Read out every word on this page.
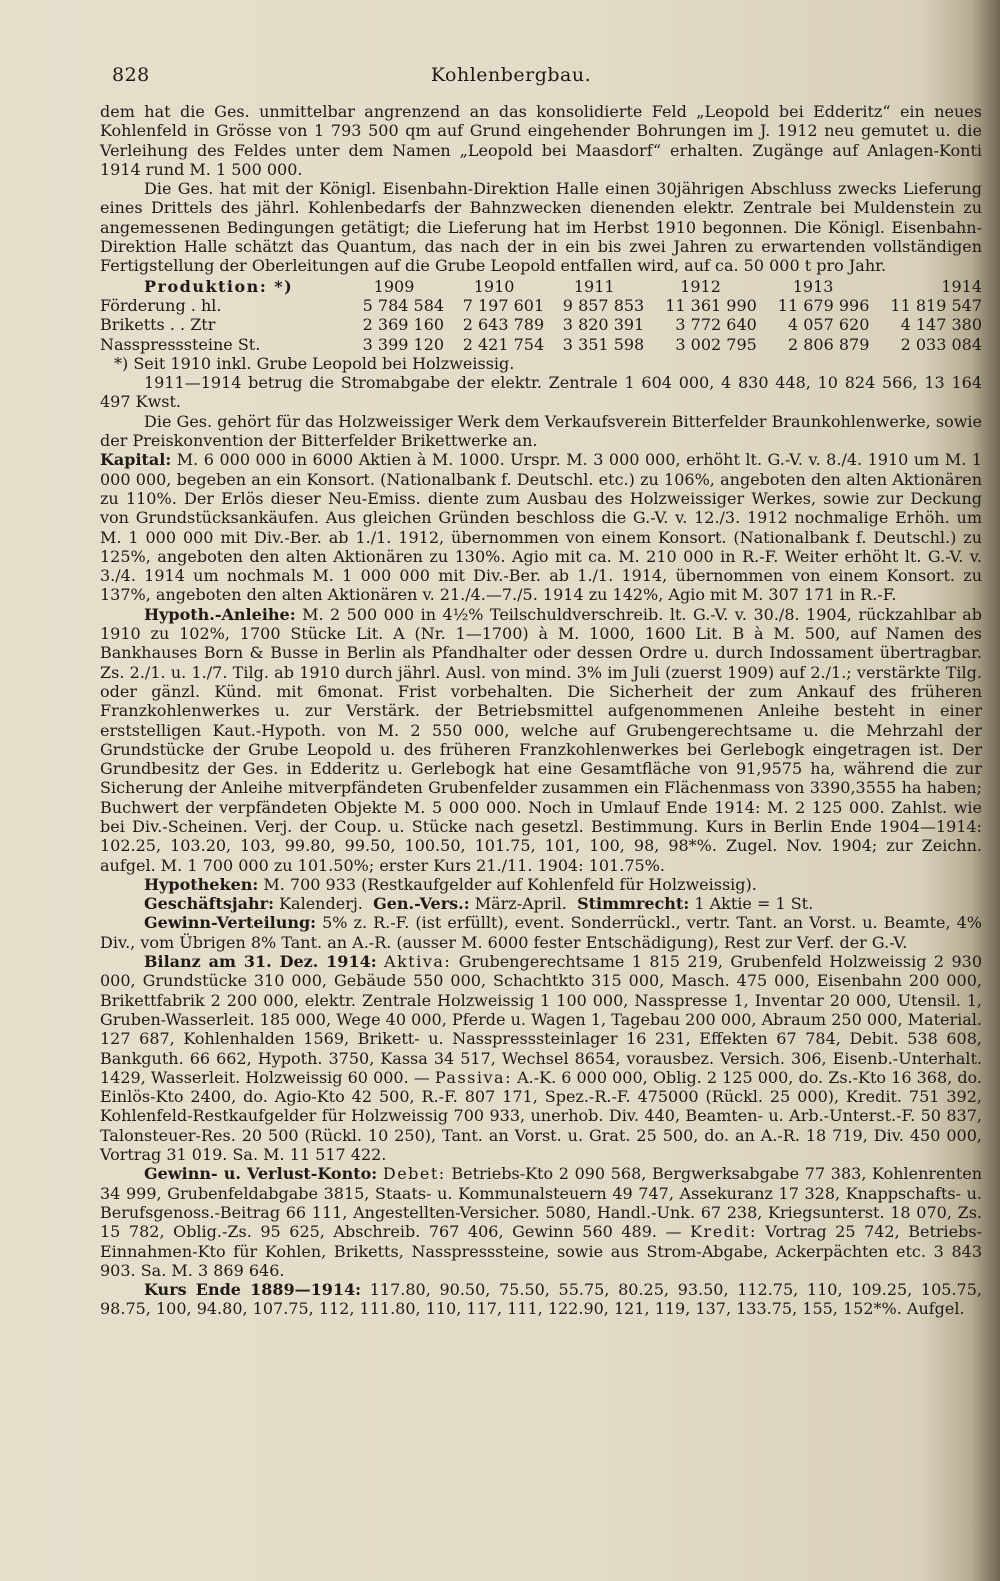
828	Kohlenbergbau.

dem hat die Ges. unmittelbar angrenzend an das konsolidierte Feld „Leopold bei Edderitz“ ein neues Kohlenfeld in Grösse von 1 793 500 qm auf Grund eingehender Bohrungen im J. 1912 neu gemutet u. die Verleihung des Feldes unter dem Namen „Leopold bei Maasdorf“ erhalten. Zugänge auf Anlagen-Konti 1914 rund M. 1 500 000.

Die Ges. hat mit der Königl. Eisenbahn-Direktion Halle einen 30jährigen Abschluss zwecks Lieferung eines Drittels des jährl. Kohlenbedarfs der Bahnzwecken dienenden elektr. Zentrale bei Muldenstein zu angemessenen Bedingungen getätigt; die Lieferung hat im Herbst 1910 begonnen. Die Königl. Eisenbahn-Direktion Halle schätzt das Quantum, das nach der in ein bis zwei Jahren zu erwartenden vollständigen Fertigstellung der Oberleitungen auf die Grube Leopold entfallen wird, auf ca. 50 000 t pro Jahr.

Produktion: *)	1909	1910	1911	1912	1913	1914
Förderung . hl.	5 784 584	7 197 601	9 857 853	11 361 990	11 679 996	11 819 547
Briketts . . Ztr	2 369 160	2 643 789	3 820 391	3 772 640	4 057 620	4 147 380
Nasspresssteine St.	3 399 120	2 421 754	3 351 598	3 002 795	2 806 879	2 033 084

*) Seit 1910 inkl. Grube Leopold bei Holzweissig.

1911—1914 betrug die Stromabgabe der elektr. Zentrale 1 604 000, 4 830 448, 10 824 566, 13 164 497 Kwst.

Die Ges. gehört für das Holzweissiger Werk dem Verkaufsverein Bitterfelder Braunkohlenwerke, sowie der Preiskonvention der Bitterfelder Brikettwerke an.

Kapital: M. 6 000 000 in 6000 Aktien à M. 1000. Urspr. M. 3 000 000, erhöht lt. G.-V. v. 8./4. 1910 um M. 1 000 000, begeben an ein Konsort. (Nationalbank f. Deutschl. etc.) zu 106%, angeboten den alten Aktionären zu 110%. Der Erlös dieser Neu-Emiss. diente zum Ausbau des Holzweissiger Werkes, sowie zur Deckung von Grundstücksankäufen. Aus gleichen Gründen beschloss die G.-V. v. 12./3. 1912 nochmalige Erhöh. um M. 1 000 000 mit Div.-Ber. ab 1./1. 1912, übernommen von einem Konsort. (Nationalbank f. Deutschl.) zu 125%, angeboten den alten Aktionären zu 130%. Agio mit ca. M. 210 000 in R.-F. Weiter erhöht lt. G.-V. v. 3./4. 1914 um nochmals M. 1 000 000 mit Div.-Ber. ab 1./1. 1914, übernommen von einem Konsort. zu 137%, angeboten den alten Aktionären v. 21./4.—7./5. 1914 zu 142%, Agio mit M. 307 171 in R.-F.

Hypoth.-Anleihe: M. 2 500 000 in 4½% Teilschuldverschreib. lt. G.-V. v. 30./8. 1904, rückzahlbar ab 1910 zu 102%, 1700 Stücke Lit. A (Nr. 1—1700) à M. 1000, 1600 Lit. B à M. 500, auf Namen des Bankhauses Born & Busse in Berlin als Pfandhalter oder dessen Ordre u. durch Indossament übertragbar. Zs. 2./1. u. 1./7. Tilg. ab 1910 durch jährl. Ausl. von mind. 3% im Juli (zuerst 1909) auf 2./1.; verstärkte Tilg. oder gänzl. Künd. mit 6monat. Frist vorbehalten. Die Sicherheit der zum Ankauf des früheren Franzkohlenwerkes u. zur Verstärk. der Betriebsmittel aufgenommenen Anleihe besteht in einer erststelligen Kaut.-Hypoth. von M. 2 550 000, welche auf Grubengerechtsame u. die Mehrzahl der Grundstücke der Grube Leopold u. des früheren Franzkohlenwerkes bei Gerlebogk eingetragen ist. Der Grundbesitz der Ges. in Edderitz u. Gerlebogk hat eine Gesamtfläche von 91,9575 ha, während die zur Sicherung der Anleihe mitverpfändeten Grubenfelder zusammen ein Flächenmass von 3390,3555 ha haben; Buchwert der verpfändeten Objekte M. 5 000 000. Noch in Umlauf Ende 1914: M. 2 125 000. Zahlst. wie bei Div.-Scheinen. Verj. der Coup. u. Stücke nach gesetzl. Bestimmung. Kurs in Berlin Ende 1904—1914: 102.25, 103.20, 103, 99.80, 99.50, 100.50, 101.75, 101, 100, 98, 98*%. Zugel. Nov. 1904; zur Zeichn. aufgel. M. 1 700 000 zu 101.50%; erster Kurs 21./11. 1904: 101.75%.

Hypotheken: M. 700 933 (Restkaufgelder auf Kohlenfeld für Holzweissig).

Geschäftsjahr: Kalenderj. Gen.-Vers.: März-April. Stimmrecht: 1 Aktie = 1 St.

Gewinn-Verteilung: 5% z. R.-F. (ist erfüllt), event. Sonderrückl., vertr. Tant. an Vorst. u. Beamte, 4% Div., vom Übrigen 8% Tant. an A.-R. (ausser M. 6000 fester Entschädigung), Rest zur Verf. der G.-V.

Bilanz am 31. Dez. 1914: Aktiva: Grubengerechtsame 1 815 219, Grubenfeld Holzweissig 2 930 000, Grundstücke 310 000, Gebäude 550 000, Schachtkto 315 000, Masch. 475 000, Eisenbahn 200 000, Brikettfabrik 2 200 000, elektr. Zentrale Holzweissig 1 100 000, Nasspresse 1, Inventar 20 000, Utensil. 1, Gruben-Wasserleit. 185 000, Wege 40 000, Pferde u. Wagen 1, Tagebau 200 000, Abraum 250 000, Material. 127 687, Kohlenhalden 1569, Brikett- u. Nasspresssteinlager 16 231, Effekten 67 784, Debit. 538 608, Bankguth. 66 662, Hypoth. 3750, Kassa 34 517, Wechsel 8654, vorausbez. Versich. 306, Eisenb.-Unterhalt. 1429, Wasserleit. Holzweissig 60 000. — Passiva: A.-K. 6 000 000, Oblig. 2 125 000, do. Zs.-Kto 16 368, do. Einlös-Kto 2400, do. Agio-Kto 42 500, R.-F. 807 171, Spez.-R.-F. 475000 (Rückl. 25 000), Kredit. 751 392, Kohlenfeld-Restkaufgelder für Holzweissig 700 933, unerhob. Div. 440, Beamten- u. Arb.-Unterst.-F. 50 837, Talonsteuer-Res. 20 500 (Rückl. 10 250), Tant. an Vorst. u. Grat. 25 500, do. an A.-R. 18 719, Div. 450 000, Vortrag 31 019. Sa. M. 11 517 422.

Gewinn- u. Verlust-Konto: Debet: Betriebs-Kto 2 090 568, Bergwerksabgabe 77 383, Kohlenrenten 34 999, Grubenfeldabgabe 3815, Staats- u. Kommunalsteuern 49 747, Assekuranz 17 328, Knappschafts- u. Berufsgenoss.-Beitrag 66 111, Angestellten-Versicher. 5080, Handl.-Unk. 67 238, Kriegsunterst. 18 070, Zs. 15 782, Oblig.-Zs. 95 625, Abschreib. 767 406, Gewinn 560 489. — Kredit: Vortrag 25 742, Betriebs-Einnahmen-Kto für Kohlen, Briketts, Nasspresssteine, sowie aus Strom-Abgabe, Ackerpächten etc. 3 843 903. Sa. M. 3 869 646.

Kurs Ende 1889—1914: 117.80, 90.50, 75.50, 55.75, 80.25, 93.50, 112.75, 110, 109.25, 105.75, 98.75, 100, 94.80, 107.75, 112, 111.80, 110, 117, 111, 122.90, 121, 119, 137, 133.75, 155, 152*%. Aufgel.
